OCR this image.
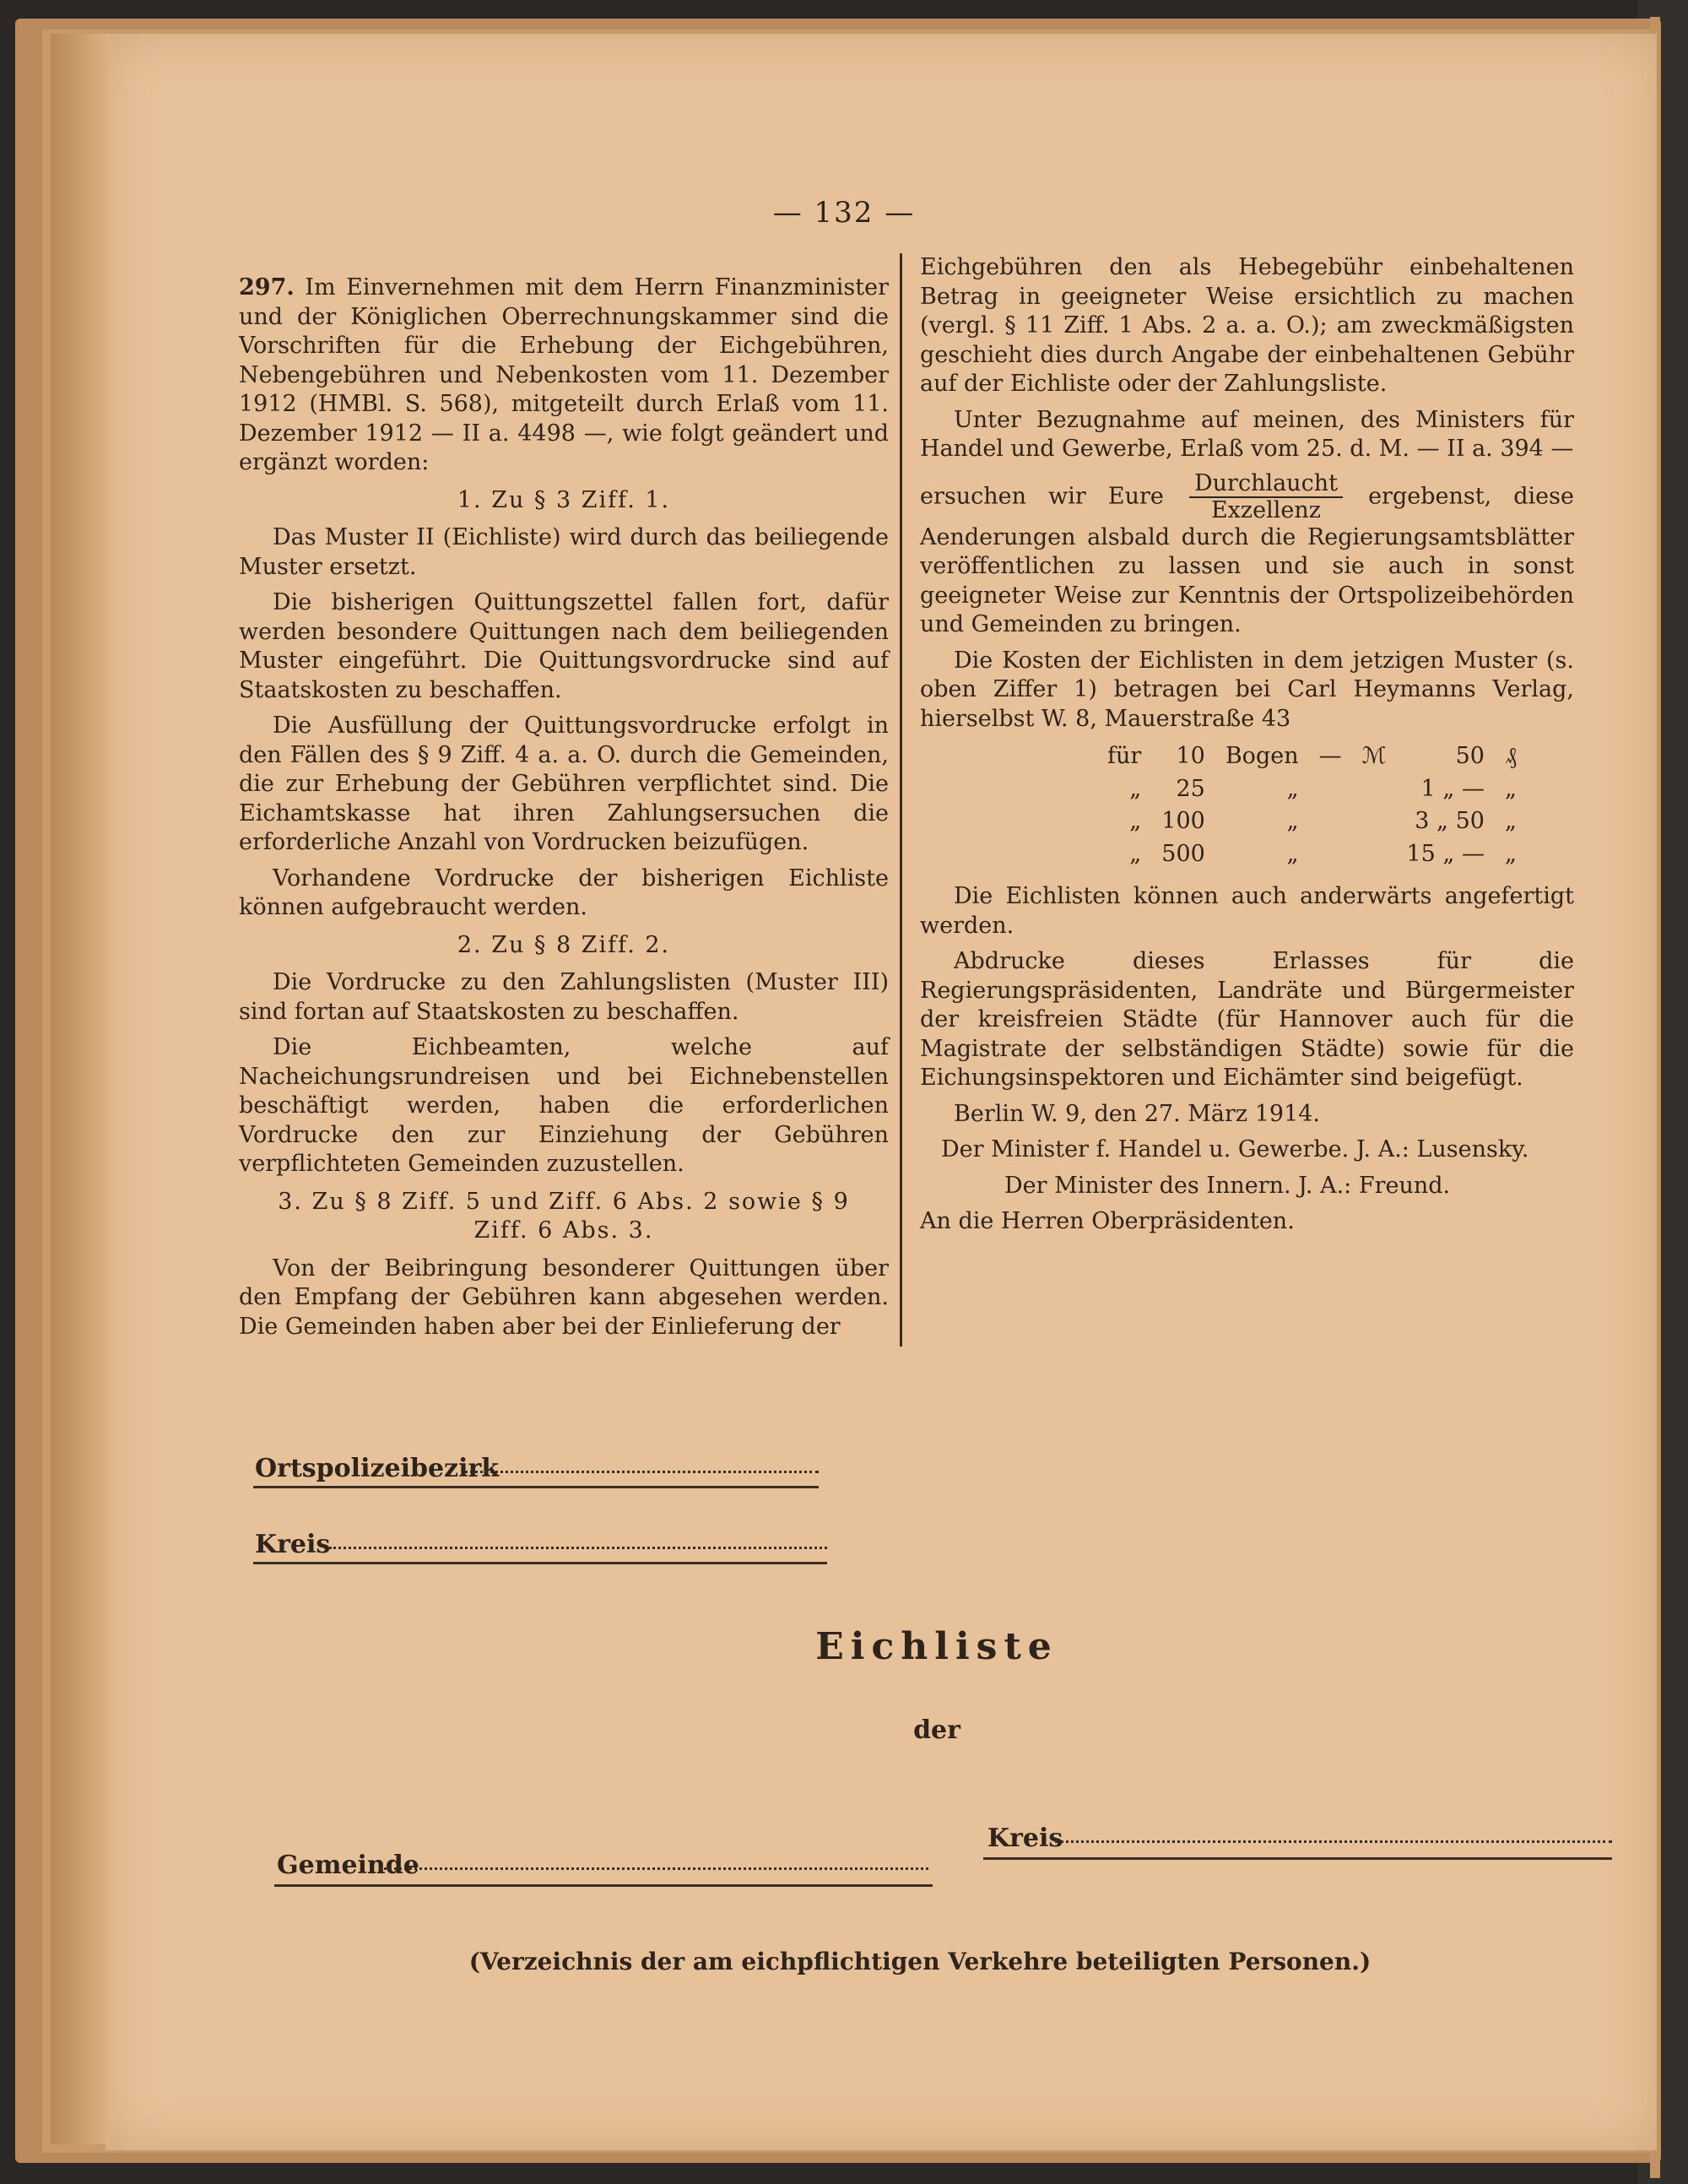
— 132 —

297. Im Einvernehmen mit dem Herrn Finanzminister und der Königlichen Oberrechnungskammer sind die Vorschriften für die Erhebung der Eichgebühren, Nebengebühren und Nebenkosten vom 11. Dezember 1912 (HMBl. S. 568), mitgeteilt durch Erlaß vom 11. Dezember 1912 — II a. 4498 —, wie folgt geändert und ergänzt worden:

1. Zu § 3 Ziff. 1.

Das Muster II (Eichliste) wird durch das beiliegende Muster ersetzt.

Die bisherigen Quittungszettel fallen fort, dafür werden besondere Quittungen nach dem beiliegenden Muster eingeführt. Die Quittungsvordrucke sind auf Staatskosten zu beschaffen.

Die Ausfüllung der Quittungsvordrucke erfolgt in den Fällen des § 9 Ziff. 4 a. a. O. durch die Gemeinden, die zur Erhebung der Gebühren verpflichtet sind. Die Eichamtskasse hat ihren Zahlungsersuchen die erforderliche Anzahl von Vordrucken beizufügen.

Vorhandene Vordrucke der bisherigen Eichliste können aufgebraucht werden.

2. Zu § 8 Ziff. 2.

Die Vordrucke zu den Zahlungslisten (Muster III) sind fortan auf Staatskosten zu beschaffen.

Die Eichbeamten, welche auf Nacheichungsrundreisen und bei Eichnebenstellen beschäftigt werden, haben die erforderlichen Vordrucke den zur Einziehung der Gebühren verpflichteten Gemeinden zuzustellen.

3. Zu § 8 Ziff. 5 und Ziff. 6 Abs. 2 sowie § 9

Ziff. 6 Abs. 3.

Von der Beibringung besonderer Quittungen über den Empfang der Gebühren kann abgesehen werden. Die Gemeinden haben aber bei der Einlieferung der

Eichgebühren den als Hebegebühr einbehaltenen Betrag in geeigneter Weise ersichtlich zu machen (vergl. § 11 Ziff. 1 Abs. 2 a. a. O.); am zweckmäßigsten geschieht dies durch Angabe der einbehaltenen Gebühr auf der Eichliste oder der Zahlungsliste.

Unter Bezugnahme auf meinen, des Ministers für Handel und Gewerbe, Erlaß vom 25. d. M. — II a. 394 —

ersuchen wir Eure $\frac{\text{Durchlaucht}}{\text{Exzellenz}}$ ergebenst, diese Aenderungen alsbald durch die Regierungsamtsblätter veröffentlichen zu lassen und sie auch in sonst geeigneter Weise zur Kenntnis der Ortspolizeibehörden und Gemeinden zu bringen.

Die Kosten der Eichlisten in dem jetzigen Muster (s. oben Ziffer 1) betragen bei Carl Heymanns Verlag, hierselbst W. 8, Mauerstraße 43

für	10	Bogen	—	ℳ	50	₰
„	25	„			1 „ —	„
„	100	„			3 „ 50	„
„	500	„			15 „ —	„

Die Eichlisten können auch anderwärts angefertigt werden.

Abdrucke dieses Erlasses für die Regierungspräsidenten, Landräte und Bürgermeister der kreisfreien Städte (für Hannover auch für die Magistrate der selbständigen Städte) sowie für die Eichungsinspektoren und Eichämter sind beigefügt.

Berlin W. 9, den 27. März 1914.

Der Minister f. Handel u. Gewerbe. J. A.: Lusensky.

Der Minister des Innern. J. A.: Freund.

An die Herren Oberpräsidenten.

Ortspolizeibezirk
Kreis
Eichliste
der
Gemeinde
Kreis
(Verzeichnis der am eichpflichtigen Verkehre beteiligten Personen.)
